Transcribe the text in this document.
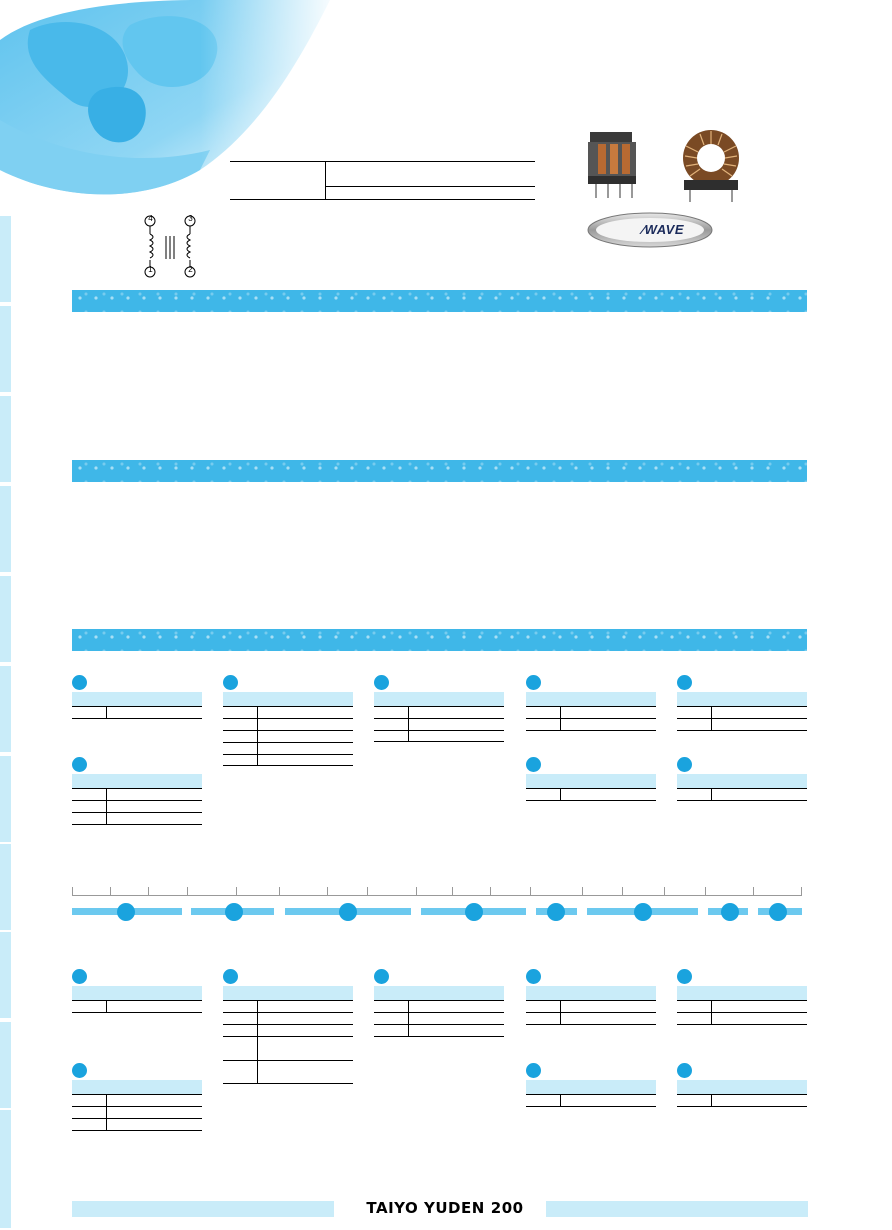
4	3
1	2
⁄WAVE
TAIYO YUDEN 200
